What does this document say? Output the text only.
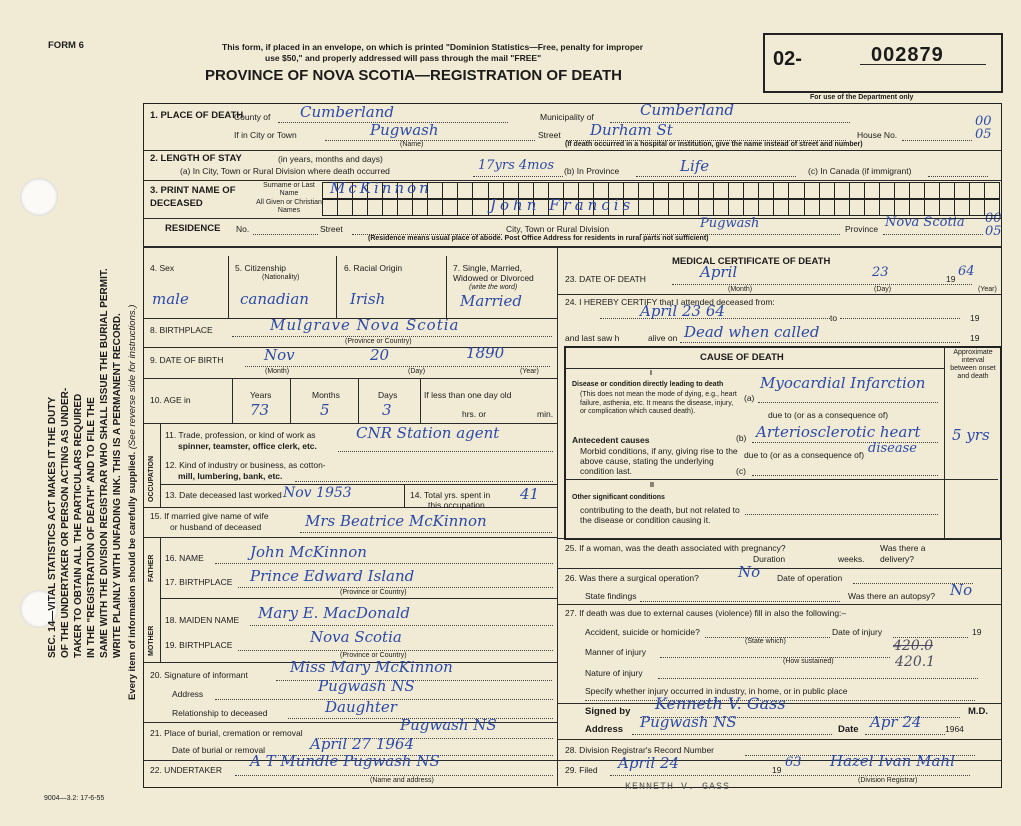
FORM 6	This form, if placed in an envelope, on which is printed "Dominion Statistics—Free, penalty for improper
use $50," and properly addressed will pass through the mail "FREE"
PROVINCE OF NOVA SCOTIA—REGISTRATION OF DEATH
02-	002879
For use of the Department only
00 05
00 05
SEC. 14—VITAL STATISTICS ACT MAKES IT THE DUTY OF THE UNDERTAKER OR PERSON ACTING AS UNDER- TAKER TO OBTAIN ALL THE PARTICULARS REQUIRED IN THE "REGISTRATION OF DEATH" AND TO FILE THE SAME WITH THE DIVISION REGISTRAR WHO SHALL ISSUE THE BURIAL PERMIT. WRITE PLAINLY WITH UNFADING INK. THIS IS A PERMANENT RECORD. Every item of information should be carefully supplied. (See reverse side for instructions.)
9004—3.2: 17-6-55
1. PLACE OF DEATH
County of Cumberland	Municipality of	Cumberland
If in City or Town	Pugwash	Street Durham St	House No.
(Name)	(If death occurred in a hospital or institution, give the name instead of street and number)
2. LENGTH OF STAY	(in years, months and days)
(a) In City, Town or Rural Division where death occurred	17yrs 4mos (b) In Province	Life	(c) In Canada (if immigrant)
3. PRINT NAME OF DECEASED
Surname or Last Name	McKinnon
All Given or Christian Names	John Francis
RESIDENCE No.	Street	City, Town or Rural Division	Pugwash	Province Nova Scotia
(Residence means usual place of abode. Post Office Address for residents in rural parts not sufficient)
4. Sex	5. Citizenship
(Nationality)
6. Racial Origin	7. Single, Married, Widowed or Divorced
(write the word)
male	canadian	Irish	Married
8. BIRTHPLACE	Mulgrave Nova Scotia
(Province or Country)
9. DATE OF BIRTH	Nov	20	1890
(Month)	(Day)	(Year)
10. AGE in	Years	Months	Days
73	5	3
If less than one day old
hrs. or	min.
OCCUPATION
11. Trade, profession, or kind of work as
spinner, teamster, office clerk, etc.
CNR Station agent
12. Kind of industry or business, as cotton-
mill, lumbering, bank, etc.
13. Date deceased last worked Nov 1953	14. Total yrs. spent in
this occupation
41
15. If married give name of wife
or husband of deceased	Mrs Beatrice McKinnon
FATHER
MOTHER
16. NAME	John McKinnon
17. BIRTHPLACE Prince Edward Island
(Province or Country)
18. MAIDEN NAME Mary E. MacDonald
19. BIRTHPLACE	Nova Scotia
(Province or Country)
20. Signature of informant	Miss Mary McKinnon
Address	Pugwash NS
Relationship to deceased	Daughter
21. Place of burial, cremation or removal	Pugwash NS
Date of burial or removal	April 27 1964
22. UNDERTAKER A T Mundle Pugwash NS
(Name and address)
MEDICAL CERTIFICATE OF DEATH
23. DATE OF DEATH	April	23	19 64
(Month)	(Day)	(Year)
24. I HEREBY CERTIFY that I attended deceased from:
April 23 64	to	19
and last saw h	alive on Dead when called	19
CAUSE OF DEATH	Approximate interval between onset and death
I
Disease or condition directly leading to death
(This does not mean the mode of dying, e.g., heart failure, asthenia, etc. It means the disease, injury, or complication which caused death).
(a)
Myocardial Infarction
due to (or as a consequence of)
Antecedent causes
Morbid conditions, if any, giving rise to the above cause, stating the underlying condition last.
(b) Arteriosclerotic heart 5 yrs
due to (or as a consequence of) disease
(c)
II
Other significant conditions
contributing to the death, but not related to the disease or condition causing it.
25. If a woman, was the death associated with pregnancy?
Duration	weeks.
Was there a delivery?
26. Was there a surgical operation?	No Date of operation
State findings	Was there an autopsy? No
27. If death was due to external causes (violence) fill in also the following:–
Accident, suicide or homicide?
(State which)
Date of injury	19
Manner of injury	420.0
(How sustained)	420.1
Nature of injury
Specify whether injury occurred in industry, in home, or in public place
Signed by Kenneth V. Gass	M.D.
Address Pugwash NS	Date Apr 24	1964
28. Division Registrar's Record Number
29. Filed April 24	19 63 Hazel Ivan Mahl
(Division Registrar)
KENNETH V. GASS
